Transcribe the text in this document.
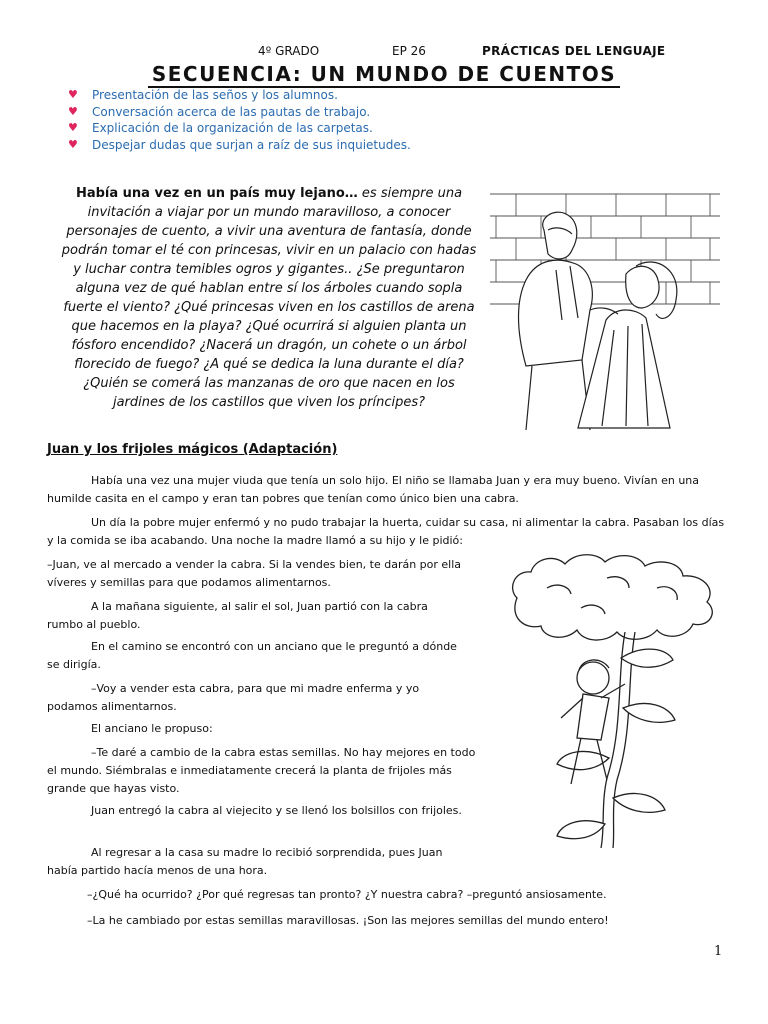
4º GRADO	EP 26	PRÁCTICAS DEL LENGUAJE
SECUENCIA: UN MUNDO DE CUENTOS
♥	Presentación de las seños y los alumnos.
♥	Conversación acerca de las pautas de trabajo.
♥	Explicación de la organización de las carpetas.
♥	Despejar dudas que surjan a raíz de sus inquietudes.
Había una vez en un país muy lejano… es siempre una invitación a viajar por un mundo maravilloso, a conocer personajes de cuento, a vivir una aventura de fantasía, donde podrán tomar el té con princesas, vivir en un palacio con hadas y luchar contra temibles ogros y gigantes.. ¿Se preguntaron alguna vez de qué hablan entre sí los árboles cuando sopla fuerte el viento? ¿Qué princesas viven en los castillos de arena que hacemos en la playa? ¿Qué ocurrirá si alguien planta un fósforo encendido? ¿Nacerá un dragón, un cohete o un árbol florecido de fuego? ¿A qué se dedica la luna durante el día? ¿Quién se comerá las manzanas de oro que nacen en los jardines de los castillos que viven los príncipes?
Juan y los frijoles mágicos (Adaptación)
Había una vez una mujer viuda que tenía un solo hijo. El niño se llamaba Juan y era muy bueno. Vivían en una humilde casita en el campo y eran tan pobres que tenían como único bien una cabra.
Un día la pobre mujer enfermó y no pudo trabajar la huerta, cuidar su casa, ni alimentar la cabra. Pasaban los días y la comida se iba acabando. Una noche la madre llamó a su hijo y le pidió:
–Juan, ve al mercado a vender la cabra. Si la vendes bien, te darán por ella víveres y semillas para que podamos alimentarnos.
A la mañana siguiente, al salir el sol, Juan partió con la cabra rumbo al pueblo.
En el camino se encontró con un anciano que le preguntó a dónde se dirigía.
–Voy a vender esta cabra, para que mi madre enferma y yo podamos alimentarnos.
El anciano le propuso:
–Te daré a cambio de la cabra estas semillas. No hay mejores en todo el mundo. Siémbralas e inmediatamente crecerá la planta de frijoles más grande que hayas visto.
Juan entregó la cabra al viejecito y se llenó los bolsillos con frijoles.
Al regresar a la casa su madre lo recibió sorprendida, pues Juan había partido hacía menos de una hora.
–¿Qué ha ocurrido? ¿Por qué regresas tan pronto? ¿Y nuestra cabra? –preguntó ansiosamente.
–La he cambiado por estas semillas maravillosas. ¡Son las mejores semillas del mundo entero!
1
